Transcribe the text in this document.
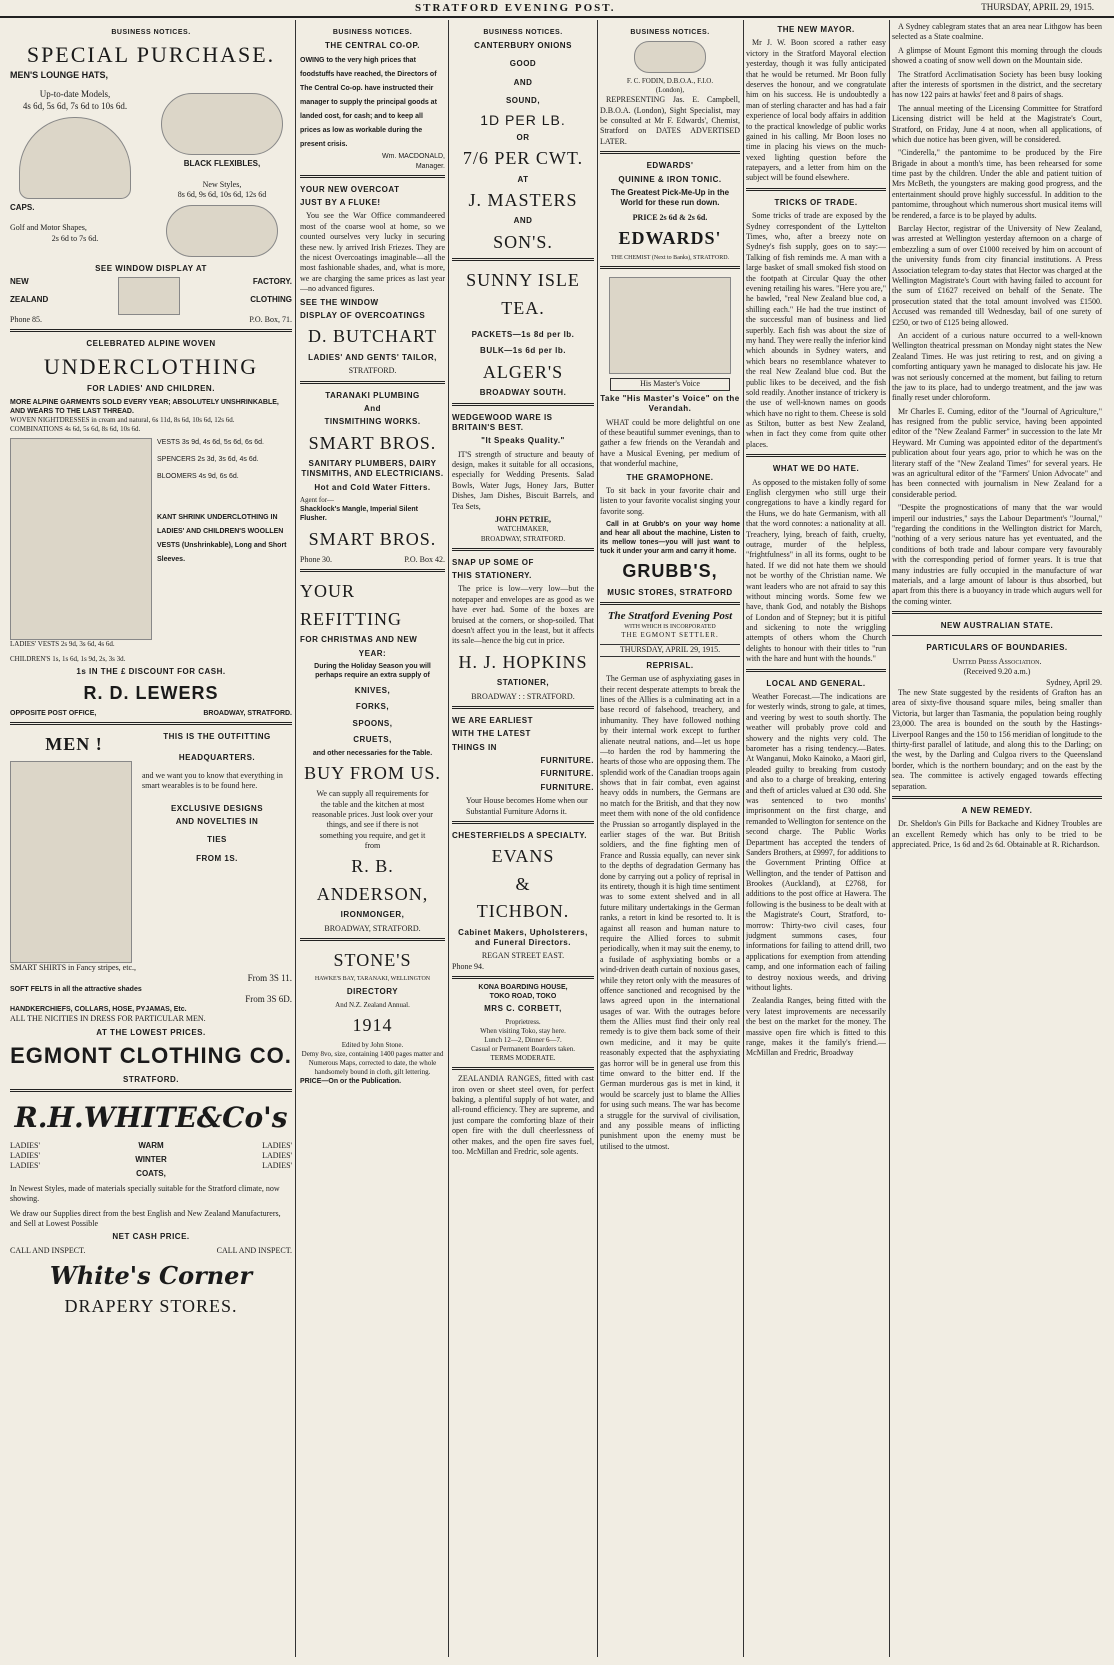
STRATFORD EVENING POST.	THURSDAY, APRIL 29, 1915.
BUSINESS NOTICES.
SPECIAL PURCHASE.
MEN'S LOUNGE HATS,
Up-to-date Models,
4s 6d, 5s 6d, 7s 6d to 10s 6d.
CAPS.
Golf and Motor Shapes,
2s 6d to 7s 6d.
BLACK FLEXIBLES,
New Styles,
8s 6d, 9s 6d, 10s 6d, 12s 6d
SEE WINDOW DISPLAY AT
NEW
ZEALAND
FACTORY.
CLOTHING
Phone 85.	P.O. Box, 71.
CELEBRATED ALPINE WOVEN
UNDERCLOTHING
FOR LADIES' AND CHILDREN.
MORE ALPINE GARMENTS SOLD EVERY YEAR; ABSOLUTELY UNSHRINKABLE, AND WEARS TO THE LAST THREAD.
WOVEN NIGHTDRESSES in cream and natural, 6s 11d, 8s 6d, 10s 6d, 12s 6d.
COMBINATIONS 4s 6d, 5s 6d, 8s 6d, 10s 6d.
VESTS 3s 9d, 4s 6d, 5s 6d, 6s 6d.
SPENCERS 2s 3d, 3s 6d, 4s 6d.
BLOOMERS 4s 9d, 6s 6d.
KANT SHRINK UNDERCLOTHING IN LADIES' AND CHILDREN'S WOOLLEN VESTS (Unshrinkable), Long and Short Sleeves.
LADIES' VESTS 2s 9d, 3s 6d, 4s 6d.
CHILDREN'S 1s, 1s 6d, 1s 9d, 2s, 3s 3d.
1s IN THE £ DISCOUNT FOR CASH.
R. D. LEWERS
OPPOSITE POST OFFICE,	BROADWAY, STRATFORD.
MEN !	THIS IS THE OUTFITTING
HEADQUARTERS.
and we want you to know that everything in smart wearables is to be found here.
EXCLUSIVE DESIGNS
AND NOVELTIES IN
TIES
FROM 1S.
SMART SHIRTS in Fancy stripes, etc.,
From 3S 11.
SOFT FELTS in all the attractive shades
From 3S 6D.
HANDKERCHIEFS, COLLARS, HOSE, PYJAMAS, Etc.
ALL THE NICITIES IN DRESS FOR PARTICULAR MEN.
AT THE LOWEST PRICES.
EGMONT CLOTHING CO.
STRATFORD.
R.H.WHITE&Co's
LADIES'
LADIES'
LADIES'
WARM
WINTER
COATS,
LADIES'
LADIES'
LADIES'
In Newest Styles, made of materials specially suitable for the Stratford climate, now showing.
We draw our Supplies direct from the best English and New Zealand Manufacturers, and Sell at Lowest Possible
NET CASH PRICE.
CALL AND INSPECT.	CALL AND INSPECT.
White's Corner
DRAPERY STORES.
BUSINESS NOTICES.
THE CENTRAL CO-OP.
OWING to the very high prices that foodstuffs have reached, the Directors of The Central Co-op. have instructed their manager to supply the principal goods at landed cost, for cash; and to keep all prices as low as workable during the present crisis.
Wm. MACDONALD,
Manager.
YOUR NEW OVERCOAT
JUST BY A FLUKE!
You see the War Office commandeered most of the coarse wool at home, so we counted ourselves very lucky in securing these new. ly arrived Irish Friezes. They are the nicest Overcoatings imaginable—all the most fashionable shades, and, what is more, we are charging the same prices as last year—no advanced figures.
SEE THE WINDOW
DISPLAY OF OVERCOATINGS
D. BUTCHART
LADIES' AND GENTS' TAILOR,
STRATFORD.
TARANAKI PLUMBING
And
TINSMITHING WORKS.
SMART BROS.
SANITARY PLUMBERS, DAIRY TINSMITHS, AND ELECTRICIANS.
Hot and Cold Water Fitters.
Agent for—
Shacklock's Mangle, Imperial Silent Flusher.
SMART BROS.
Phone 30.	P.O. Box 42.
YOUR
REFITTING
FOR CHRISTMAS AND NEW
YEAR:
During the Holiday Season you will perhaps require an extra supply of
KNIVES,
FORKS,
SPOONS,
CRUETS,
and other necessaries for the Table.
BUY FROM US.
We can supply all requirements for the table and the kitchen at most reasonable prices. Just look over your things, and see if there is not something you require, and get it from
R. B.
ANDERSON,
IRONMONGER,
BROADWAY, STRATFORD.
STONE'S
HAWKE'S BAY, TARANAKI, WELLINGTON
DIRECTORY
And N.Z. Zealand Annual.
1914
Edited by John Stone.
Demy 8vo, size, containing 1400 pages matter and Numerous Maps, corrected to date, the whole handsomely bound in cloth, gilt lettering.
PRICE—On or the Publication.
BUSINESS NOTICES.
CANTERBURY ONIONS
GOOD
AND
SOUND,
1D PER LB.
OR
7/6 PER CWT.
AT
J. MASTERS
AND
SON'S.
SUNNY ISLE
TEA.
PACKETS—1s 8d per lb.
BULK—1s 6d per lb.
ALGER'S
BROADWAY SOUTH.
WEDGEWOOD WARE IS BRITAIN'S BEST.
"It Speaks Quality."
IT'S strength of structure and beauty of design, makes it suitable for all occasions, especially for Wedding Presents. Salad Bowls, Water Jugs, Honey Jars, Butter Dishes, Jam Dishes, Biscuit Barrels, and Tea Sets,
JOHN PETRIE,
WATCHMAKER,
BROADWAY, STRATFORD.
SNAP UP SOME OF
THIS STATIONERY.
The price is low—very low—but the notepaper and envelopes are as good as we have ever had. Some of the boxes are bruised at the corners, or shop-soiled. That doesn't affect you in the least, but it affects its sale—hence the big cut in price.
H. J. HOPKINS
STATIONER,
BROADWAY : : STRATFORD.
WE ARE EARLIEST
WITH THE LATEST
THINGS IN
FURNITURE.
FURNITURE.
FURNITURE.
Your House becomes Home when our Substantial Furniture Adorns it.
CHESTERFIELDS A SPECIALTY.
EVANS
&
TICHBON.
Cabinet Makers, Upholsterers, and Funeral Directors.
REGAN STREET EAST.
Phone 94.
KONA BOARDING HOUSE,
TOKO ROAD, TOKO
MRS C. CORBETT,
Proprietress.
When visiting Toko, stay here.
Lunch 12—2, Dinner 6—7.
Casual or Permanent Boarders taken.
TERMS MODERATE.
ZEALANDIA RANGES, fitted with cast iron oven or sheet steel oven, for perfect baking, a plentiful supply of hot water, and all-round efficiency. They are supreme, and just compare the comforting blaze of their open fire with the dull cheerlessness of other makes, and the open fire saves fuel, too. McMillan and Fredric, sole agents.
BUSINESS NOTICES.
F. C. FODIN, D.B.O.A., F.I.O.
(London),
REPRESENTING Jas. E. Campbell, D.B.O.A. (London), Sight Specialist, may be consulted at Mr F. Edwards', Chemist, Stratford on DATES ADVERTISED LATER.
EDWARDS'
QUININE & IRON TONIC.
The Greatest Pick-Me-Up in the World for these run down.
PRICE 2s 6d & 2s 6d.
EDWARDS'
THE CHEMIST (Next to Banks), STRATFORD.
His Master's Voice
Take "His Master's Voice" on the Verandah.
WHAT could be more delightful on one of these beautiful summer evenings, than to gather a few friends on the Verandah and have a Musical Evening, per medium of that wonderful machine,
THE GRAMOPHONE.
To sit back in your favorite chair and listen to your favorite vocalist singing your favorite song.
Call in at Grubb's on your way home and hear all about the machine, Listen to its mellow tones—you will just want to tuck it under your arm and carry it home.
GRUBB'S,
MUSIC STORES, STRATFORD
The Stratford Evening Post
WITH WHICH IS INCORPORATED
THE EGMONT SETTLER.
THURSDAY, APRIL 29, 1915.
REPRISAL.
The German use of asphyxiating gases in their recent desperate attempts to break the lines of the Allies is a culminating act in a base record of falsehood, treachery, and inhumanity. They have followed nothing by their internal work except to further alienate neutral nations, and—let us hope—to harden the rod by hammering the hearts of those who are opposing them. The splendid work of the Canadian troops again shows that in fair combat, even against heavy odds in numbers, the Germans are no match for the British, and that they now meet them with none of the old confidence the Prussian so arrogantly displayed in the earlier stages of the war. But British soldiers, and the fine fighting men of France and Russia equally, can never sink to the depths of degradation Germany has done by carrying out a policy of reprisal in its entirety, though it is high time sentiment was to some extent shelved and in all future military undertakings in the German ranks, a retort in kind be resorted to. It is against all reason and human nature to require the Allied forces to submit periodically, when it may suit the enemy, to a fusilade of asphyxiating bombs or a wind-driven death curtain of noxious gases, while they retort only with the measures of offence sanctioned and recognised by the laws agreed upon in the international usages of war. With the outrages before them the Allies must find their only real remedy is to give them back some of their own medicine, and it may be quite reasonably expected that the asphyxiating gas horror will be in general use from this time onward to the bitter end. If the German murderous gas is met in kind, it would be scarcely just to blame the Allies for using such means. The war has become a struggle for the survival of civilisation, and any possible means of inflicting punishment upon the enemy must be utilised to the utmost.
THE NEW MAYOR.
Mr J. W. Boon scored a rather easy victory in the Stratford Mayoral election yesterday, though it was fully anticipated that he would be returned. Mr Boon fully deserves the honour, and we congratulate him on his success. He is undoubtedly a man of sterling character and has had a fair experience of local body affairs in addition to the practical knowledge of public works gained in his calling. Mr Boon loses no time in placing his views on the much-vexed lighting question before the ratepayers, and a letter from him on the subject will be found elsewhere.
TRICKS OF TRADE.
Some tricks of trade are exposed by the Sydney correspondent of the Lyttelton Times, who, after a breezy note on Sydney's fish supply, goes on to say:—Talking of fish reminds me. A man with a large basket of small smoked fish stood on the footpath at Circular Quay the other evening retailing his wares. "Here you are," he bawled, "real New Zealand blue cod, a shilling each." He had the true instinct of the successful man of business and lied superbly. Each fish was about the size of my hand. They were really the inferior kind which abounds in Sydney waters, and which bears no resemblance whatever to the real New Zealand blue cod. But the public likes to be deceived, and the fish sold readily. Another instance of trickery is the use of well-known names on goods which have no right to them. Cheese is sold as Stilton, butter as best New Zealand, when in fact they come from quite other places.
WHAT WE DO HATE.
As opposed to the mistaken folly of some English clergymen who still urge their congregations to have a kindly regard for the Huns, we do hate Germanism, with all that the word connotes: a nationality at all. Treachery, lying, breach of faith, cruelty, outrage, murder of the helpless, "frightfulness" in all its forms, ought to be hated. If we did not hate them we should not be worthy of the Christian name. We want leaders who are not afraid to say this without mincing words. Some few we have, thank God, and notably the Bishops of London and of Stepney; but it is pitiful and sickening to note the wriggling attempts of others whom the Church delights to honour with their titles to "run with the hare and hunt with the hounds."
LOCAL AND GENERAL.
Weather Forecast.—The indications are for westerly winds, strong to gale, at times, and veering by west to south shortly. The weather will probably prove cold and showery and the nights very cold. The barometer has a rising tendency.—Bates. At Wanganui, Moko Kainoko, a Maori girl, pleaded guilty to breaking from custody and also to a charge of breaking, entering and theft of articles valued at £30 odd. She was sentenced to two months' imprisonment on the first charge, and remanded to Wellington for sentence on the second charge. The Public Works Department has accepted the tenders of Sanders Brothers, at £9997, for additions to the Government Printing Office at Wellington, and the tender of Pattison and Brookes (Auckland), at £2768, for additions to the post office at Hawera. The following is the business to be dealt with at the Magistrate's Court, Stratford, to-morrow: Thirty-two civil cases, four judgment summons cases, four informations for failing to attend drill, two applications for exemption from attending camp, and one information each of failing to destroy noxious weeds, and driving without lights.
Zealandia Ranges, being fitted with the very latest improvements are necessarily the best on the market for the money. The massive open fire which is fitted to this range, makes it the family's friend.—McMillan and Fredric, Broadway
A Sydney cablegram states that an area near Lithgow has been selected as a State coalmine.
A glimpse of Mount Egmont this morning through the clouds showed a coating of snow well down on the Mountain side.
The Stratford Acclimatisation Society has been busy looking after the interests of sportsmen in the district, and the secretary has now 122 pairs at hawks' feet and 8 pairs of shags.
The annual meeting of the Licensing Committee for Stratford Licensing district will be held at the Magistrate's Court, Stratford, on Friday, June 4 at noon, when all applications, of which due notice has been given, will be considered.
"Cinderella," the pantomime to be produced by the Fire Brigade in about a month's time, has been rehearsed for some time past by the children. Under the able and patient tuition of Mrs McBeth, the youngsters are making good progress, and the entertainment should prove highly successful. In addition to the pantomime, throughout which numerous short musical items will be rendered, a farce is to be played by adults.
Barclay Hector, registrar of the University of New Zealand, was arrested at Wellington yesterday afternoon on a charge of embezzling a sum of over £1000 received by him on account of the university funds from city financial institutions. A Press Association telegram to-day states that Hector was charged at the Wellington Magistrate's Court with having failed to account for the sum of £1627 received on behalf of the Senate. The prosecution stated that the total amount involved was £1500. Accused was remanded till Wednesday, bail of one surety of £250, or two of £125 being allowed.
An accident of a curious nature occurred to a well-known Wellington theatrical pressman on Monday night states the New Zealand Times. He was just retiring to rest, and on giving a comforting antiquary yawn he managed to dislocate his jaw. He was not seriously concerned at the moment, but failing to return the jaw to its place, had to undergo treatment, and the jaw was finally reset under chloroform.
Mr Charles E. Cuming, editor of the "Journal of Agriculture," has resigned from the public service, having been appointed editor of the "New Zealand Farmer" in succession to the late Mr Heyward. Mr Cuming was appointed editor of the department's publication about four years ago, prior to which he was on the literary staff of the "New Zealand Times" for several years. He was an agricultural editor of the "Farmers' Union Advocate" and has been connected with journalism in New Zealand for a considerable period.
"Despite the prognostications of many that the war would imperil our industries," says the Labour Department's "Journal," "regarding the conditions in the Wellington district for March, "nothing of a very serious nature has yet eventuated, and the conditions of both trade and labour compare very favourably with the corresponding period of former years. It is true that many industries are fully occupied in the manufacture of war materials, and a large amount of labour is thus absorbed, but apart from this there is a buoyancy in trade which augurs well for the coming winter.
NEW AUSTRALIAN STATE.
PARTICULARS OF BOUNDARIES.
United Press Association.
(Received 9.20 a.m.)
Sydney, April 29.
The new State suggested by the residents of Grafton has an area of sixty-five thousand square miles, being smaller than Victoria, but larger than Tasmania, the population being roughly 23,000. The area is bounded on the south by the Hastings-Liverpool Ranges and the 150 to 156 meridian of longitude to the thirty-first parallel of latitude, and along this to the Darling; on the west, by the Darling and Culgoa rivers to the Queensland border, which is the northern boundary; and on the east by the sea. The committee is actively engaged towards effecting separation.
A NEW REMEDY.
Dr. Sheldon's Gin Pills for Backache and Kidney Troubles are an excellent Remedy which has only to be tried to be appreciated. Price, 1s 6d and 2s 6d. Obtainable at R. Richardson.
